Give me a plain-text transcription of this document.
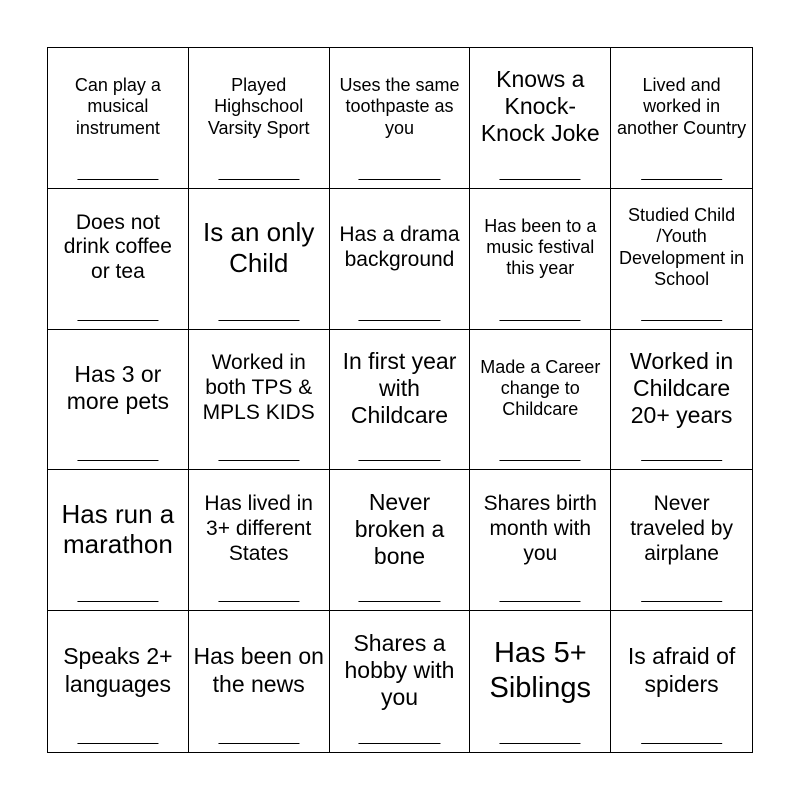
Can play a musical instrument
Played Highschool Varsity Sport
Uses the same toothpaste as you
Knows a Knock-Knock Joke
Lived and worked in another Country
Does not drink coffee or tea
Is an only Child
Has a drama background
Has been to a music festival this year
Studied Child /Youth Development in School
Has 3 or more pets
Worked in both TPS & MPLS KIDS
In first year with Childcare
Made a Career change to Childcare
Worked in Childcare 20+ years
Has run a marathon
Has lived in 3+ different States
Never broken a bone
Shares birth month with you
Never traveled by airplane
Speaks 2+ languages
Has been on the news
Shares a hobby with you
Has 5+ Siblings
Is afraid of spiders
